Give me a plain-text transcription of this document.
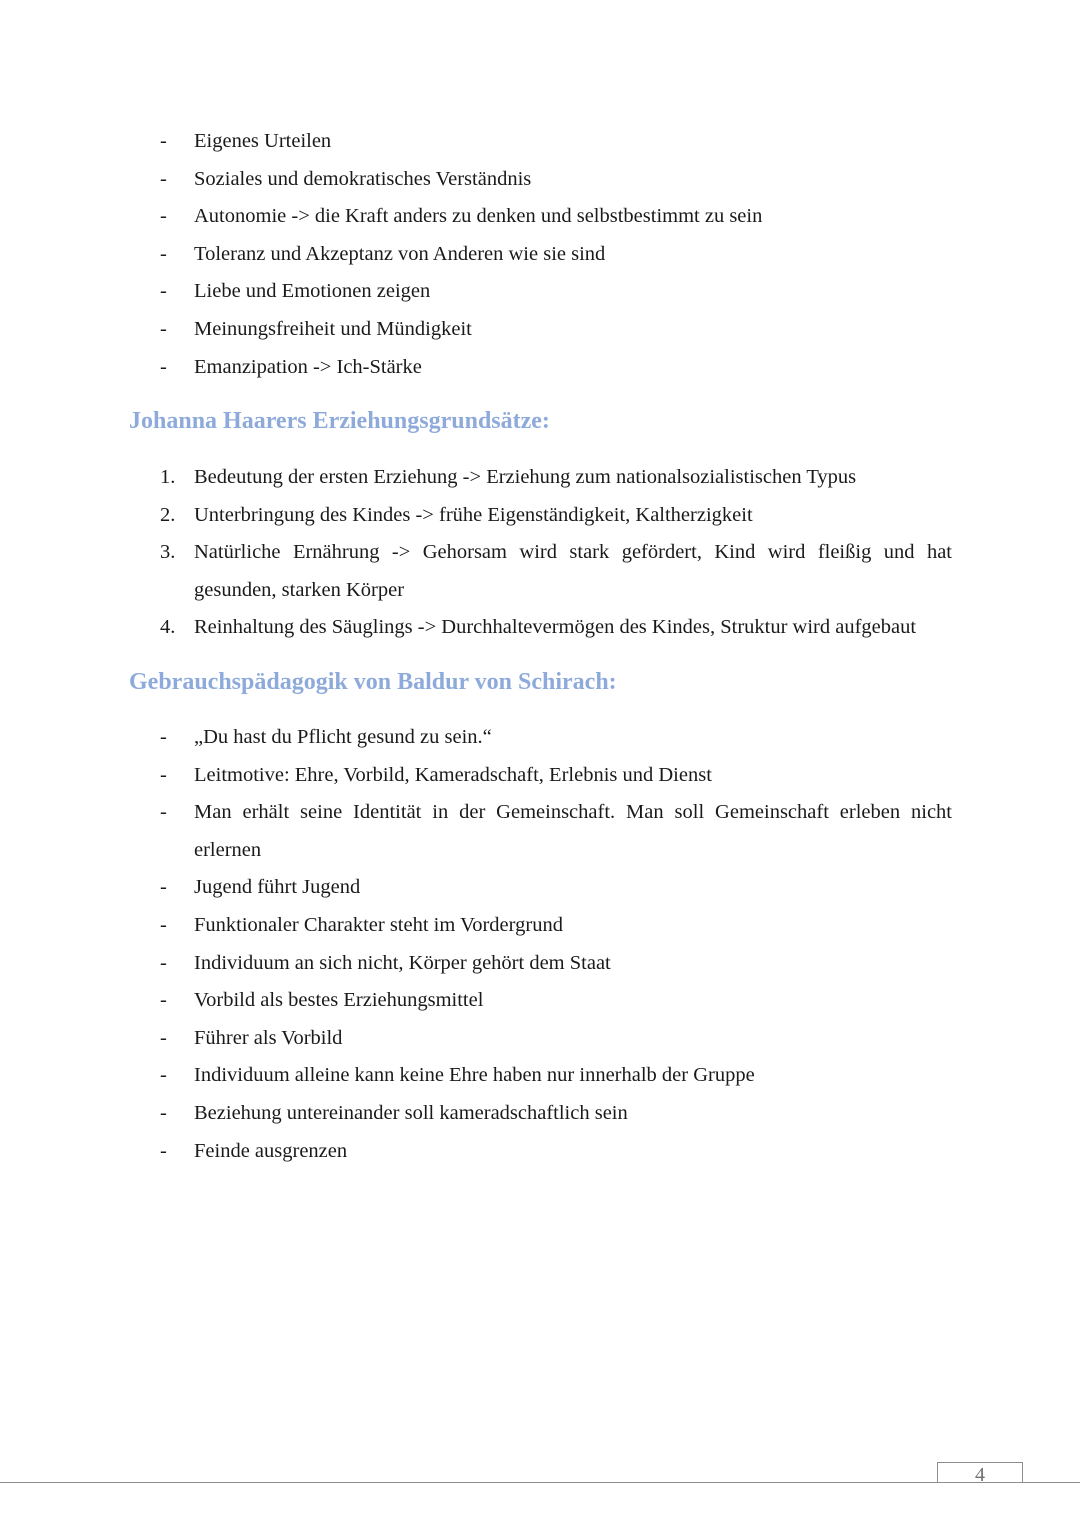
- Eigenes Urteilen
- Soziales und demokratisches Verständnis
- Autonomie -> die Kraft anders zu denken und selbstbestimmt zu sein
- Toleranz und Akzeptanz von Anderen wie sie sind
- Liebe und Emotionen zeigen
- Meinungsfreiheit und Mündigkeit
- Emanzipation -> Ich-Stärke
Johanna Haarers Erziehungsgrundsätze:
1. Bedeutung der ersten Erziehung -> Erziehung zum nationalsozialistischen Typus
2. Unterbringung des Kindes -> frühe Eigenständigkeit, Kaltherzigkeit
3. Natürliche Ernährung -> Gehorsam wird stark gefördert, Kind wird fleißig und hat gesunden, starken Körper
4. Reinhaltung des Säuglings -> Durchhaltevermögen des Kindes, Struktur wird aufgebaut
Gebrauchspädagogik von Baldur von Schirach:
- „Du hast du Pflicht gesund zu sein.“
- Leitmotive: Ehre, Vorbild, Kameradschaft, Erlebnis und Dienst
- Man erhält seine Identität in der Gemeinschaft. Man soll Gemeinschaft erleben nicht erlernen
- Jugend führt Jugend
- Funktionaler Charakter steht im Vordergrund
- Individuum an sich nicht, Körper gehört dem Staat
- Vorbild als bestes Erziehungsmittel
- Führer als Vorbild
- Individuum alleine kann keine Ehre haben nur innerhalb der Gruppe
- Beziehung untereinander soll kameradschaftlich sein
- Feinde ausgrenzen
4
